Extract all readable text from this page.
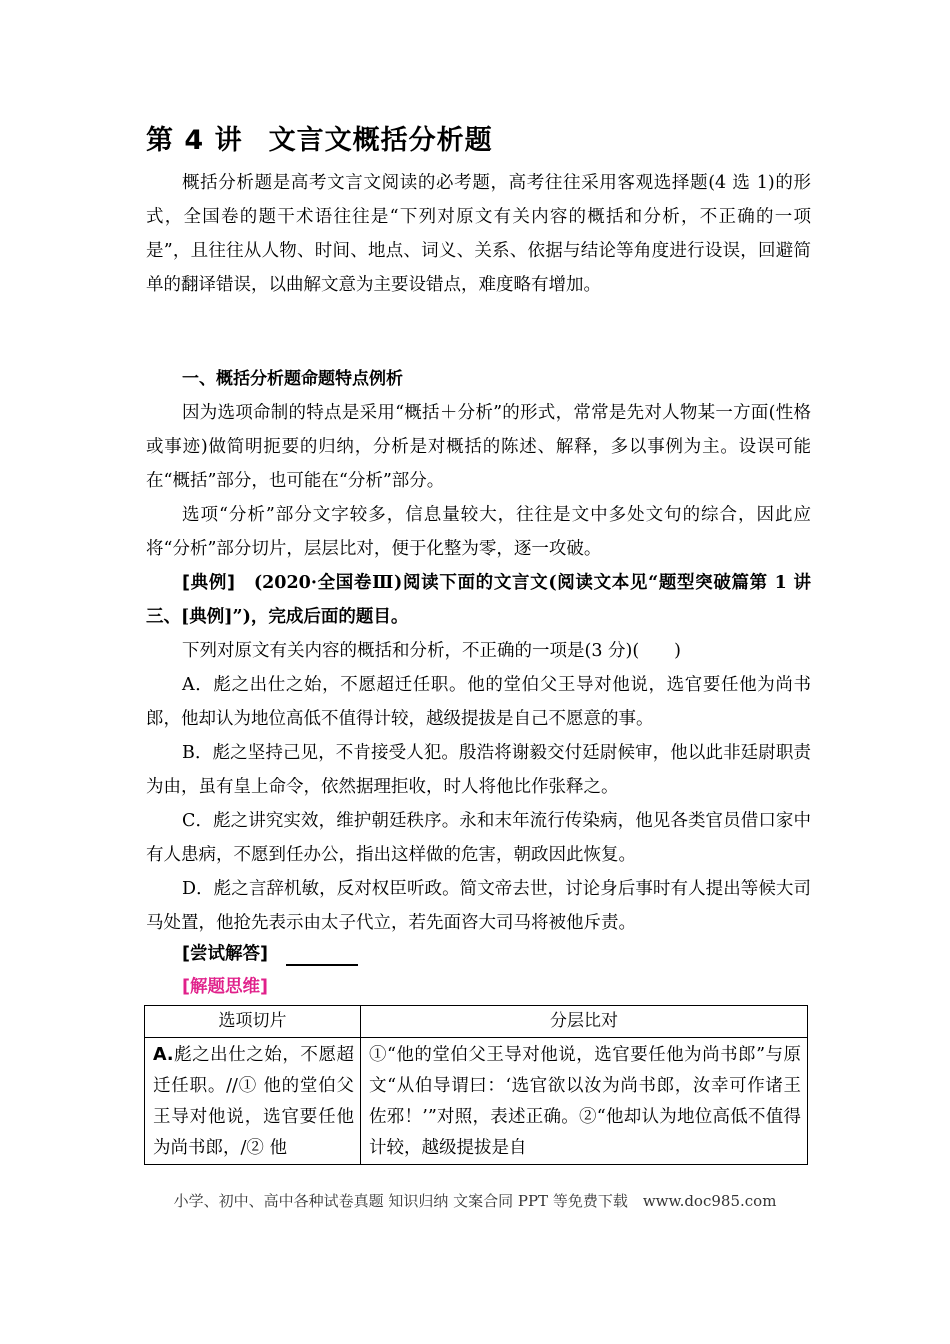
第 4 讲 文言文概括分析题

概括分析题是高考文言文阅读的必考题，高考往往采用客观选择题(4 选 1)的形式，全国卷的题干术语往往是“下列对原文有关内容的概括和分析，不正确的一项是”，且往往从人物、时间、地点、词义、关系、依据与结论等角度进行设误，回避简单的翻译错误，以曲解文意为主要设错点，难度略有增加。

一、概括分析题命题特点例析

因为选项命制的特点是采用“概括＋分析”的形式，常常是先对人物某一方面(性格或事迹)做简明扼要的归纳，分析是对概括的陈述、解释，多以事例为主。设误可能在“概括”部分，也可能在“分析”部分。

选项“分析”部分文字较多，信息量较大，往往是文中多处文句的综合，因此应将“分析”部分切片，层层比对，便于化整为零，逐一攻破。

[典例]　 (2020·全国卷Ⅲ)阅读下面的文言文(阅读文本见“题型突破篇第 1 讲　三、[典例]”)，完成后面的题目。

下列对原文有关内容的概括和分析，不正确的一项是(3 分)(　　)

A．彪之出仕之始，不愿超迁任职。他的堂伯父王导对他说，选官要任他为尚书郎，他却认为地位高低不值得计较，越级提拔是自己不愿意的事。

B．彪之坚持己见，不肯接受人犯。殷浩将谢毅交付廷尉候审，他以此非廷尉职责为由，虽有皇上命令，依然据理拒收，时人将他比作张释之。

C．彪之讲究实效，维护朝廷秩序。永和末年流行传染病，他见各类官员借口家中有人患病，不愿到任办公，指出这样做的危害，朝政因此恢复。

D．彪之言辞机敏，反对权臣听政。简文帝去世，讨论身后事时有人提出等候大司马处置，他抢先表示由太子代立，若先面咨大司马将被他斥责。

[尝试解答]

[解题思维]

选项切片	分层比对
A.彪之出仕之始，不愿超迁任职。//① 他的堂伯父王导对他说，选官要任他为尚书郎，/② 他	①“他的堂伯父王导对他说，选官要任他为尚书郎”与原文“从伯导谓曰：‘选官欲以汝为尚书郎，汝幸可作诸王佐邪！’”对照，表述正确。②“他却认为地位高低不值得计较，越级提拔是自
小学、初中、高中各种试卷真题 知识归纳 文案合同 PPT 等免费下载　www.doc985.com
